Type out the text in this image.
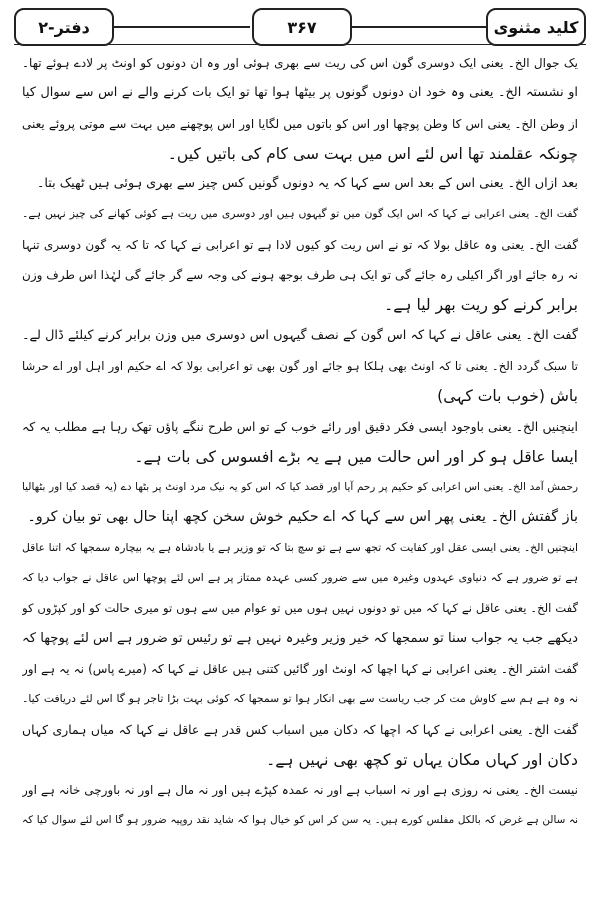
کلید مثنوی
۳۶۷
دفتر-۲
یک جوال الخ۔ یعنی ایک دوسری گون اس کی ریت سے بھری ہوئی اور وہ ان دونوں کو اونٹ پر لادے ہوئے تھا۔
او نشستہ الخ۔ یعنی وہ خود ان دونوں گونوں پر بیٹھا ہوا تھا تو ایک بات کرنے والے نے اس سے سوال کیا
از وطن الخ۔ یعنی اس کا وطن پوچھا اور اس کو باتوں میں لگایا اور اس پوچھنے میں بہت سے موتی پروئے یعنی
چونکہ عقلمند تھا اس لئے اس میں بہت سی کام کی باتیں کیں۔
بعد ازاں الخ۔ یعنی اس کے بعد اس سے کہا کہ یہ دونوں گونیں کس چیز سے بھری ہوئی ہیں ٹھیک بتا۔
گفت الخ۔ یعنی اعرابی نے کہا کہ اس ایک گون میں تو گیہوں ہیں اور دوسری میں ریت ہے کوئی کھانے کی چیز نہیں ہے۔
گفت الخ۔ یعنی وہ عاقل بولا کہ تو نے اس ریت کو کیوں لادا ہے تو اعرابی نے کہا کہ تا کہ یہ گون دوسری تنہا
نہ رہ جائے اور اگر اکیلی رہ جائے گی تو ایک ہی طرف بوجھ ہونے کی وجہ سے گر جائے گی لہٰذا اس طرف وزن
برابر کرنے کو ریت بھر لیا ہے۔
گفت الخ۔ یعنی عاقل نے کہا کہ اس گون کے نصف گیہوں اس دوسری میں وزن برابر کرنے کیلئے ڈال لے۔
تا سبک گردد الخ۔ یعنی تا کہ اونٹ بھی ہلکا ہو جائے اور گون بھی تو اعرابی بولا کہ اے حکیم اور اہل اور اے حرشا
باش (خوب بات کہی)
اینچنیں الخ۔ یعنی باوجود ایسی فکر دقیق اور رائے خوب کے تو اس طرح ننگے پاؤں تھک رہا ہے مطلب یہ کہ
ایسا عاقل ہو کر اور اس حالت میں ہے یہ بڑے افسوس کی بات ہے۔
رحمش آمد الخ۔ یعنی اس اعرابی کو حکیم پر رحم آیا اور قصد کیا کہ اس کو یہ نیک مرد اونٹ پر بٹھا دے (یہ قصد کیا اور بٹھالیا
باز گفتش الخ۔ یعنی پھر اس سے کہا کہ اے حکیم خوش سخن کچھ اپنا حال بھی تو بیان کرو۔
اینچنیں الخ۔ یعنی ایسی عقل اور کفایت کہ تجھ سے ہے تو سچ بتا کہ تو وزیر ہے یا بادشاہ ہے یہ بیچارہ سمجھا کہ اتنا عاقل
ہے تو ضرور ہے کہ دنیاوی عہدوں وغیرہ میں سے ضرور کسی عہدہ ممتاز پر ہے اس لئے پوچھا اس عاقل نے جواب دیا کہ
گفت الخ۔ یعنی عاقل نے کہا کہ میں تو دونوں نہیں ہوں میں تو عوام میں سے ہوں تو میری حالت کو اور کپڑوں کو
دیکھے جب یہ جواب سنا تو سمجھا کہ خیر وزیر وغیرہ نہیں ہے تو رئیس تو ضرور ہے اس لئے پوچھا کہ
گفت اشتر الخ۔ یعنی اعرابی نے کہا اچھا کہ اونٹ اور گائیں کتنی ہیں عاقل نے کہا کہ (میرے پاس) نہ یہ ہے اور
نہ وہ ہے ہم سے کاوش مت کر جب ریاست سے بھی انکار ہوا تو سمجھا کہ کوئی بہت بڑا تاجر ہو گا اس لئے دریافت کیا۔
گفت الخ۔ یعنی اعرابی نے کہا کہ اچھا کہ دکان میں اسباب کس قدر ہے عاقل نے کہا کہ میاں ہماری کہاں
دکان اور کہاں مکان یہاں تو کچھ بھی نہیں ہے۔
نیست الخ۔ یعنی نہ روزی ہے اور نہ اسباب ہے اور نہ عمدہ کپڑے ہیں اور نہ مال ہے اور نہ باورچی خانہ ہے اور
نہ سالن ہے غرض کہ بالکل مفلس کورے ہیں۔ یہ سن کر اس کو خیال ہوا کہ شاید نقد روپیہ ضرور ہو گا اس لئے سوال کیا کہ
